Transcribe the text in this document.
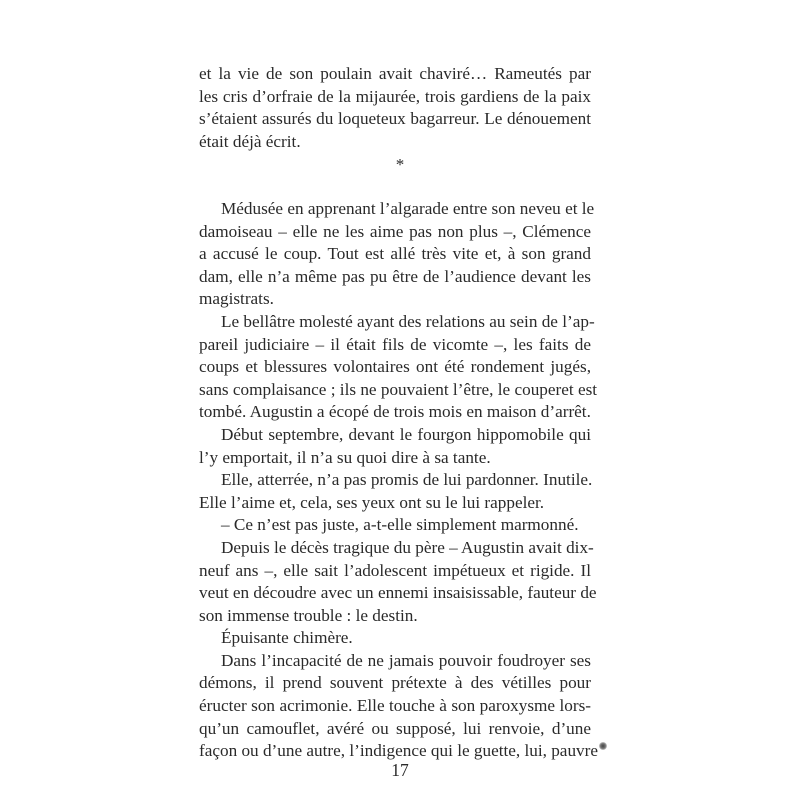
et la vie de son poulain avait chaviré… Rameutés par
les cris d’orfraie de la mijaurée, trois gardiens de la paix
s’étaient assurés du loqueteux bagarreur. Le dénouement
était déjà écrit.

*

Médusée en apprenant l’algarade entre son neveu et le
damoiseau – elle ne les aime pas non plus –, Clémence
a accusé le coup. Tout est allé très vite et, à son grand
dam, elle n’a même pas pu être de l’audience devant les
magistrats.

Le bellâtre molesté ayant des relations au sein de l’ap-
pareil judiciaire – il était fils de vicomte –, les faits de
coups et blessures volontaires ont été rondement jugés,
sans complaisance ; ils ne pouvaient l’être, le couperet est
tombé. Augustin a écopé de trois mois en maison d’arrêt.

Début septembre, devant le fourgon hippomobile qui
l’y emportait, il n’a su quoi dire à sa tante.

Elle, atterrée, n’a pas promis de lui pardonner. Inutile.
Elle l’aime et, cela, ses yeux ont su le lui rappeler.

– Ce n’est pas juste, a-t-elle simplement marmonné.

Depuis le décès tragique du père – Augustin avait dix-
neuf ans –, elle sait l’adolescent impétueux et rigide. Il
veut en découdre avec un ennemi insaisissable, fauteur de
son immense trouble : le destin.

Épuisante chimère.

Dans l’incapacité de ne jamais pouvoir foudroyer ses
démons, il prend souvent prétexte à des vétilles pour
éructer son acrimonie. Elle touche à son paroxysme lors-
qu’un camouflet, avéré ou supposé, lui renvoie, d’une
façon ou d’une autre, l’indigence qui le guette, lui, pauvre

17
